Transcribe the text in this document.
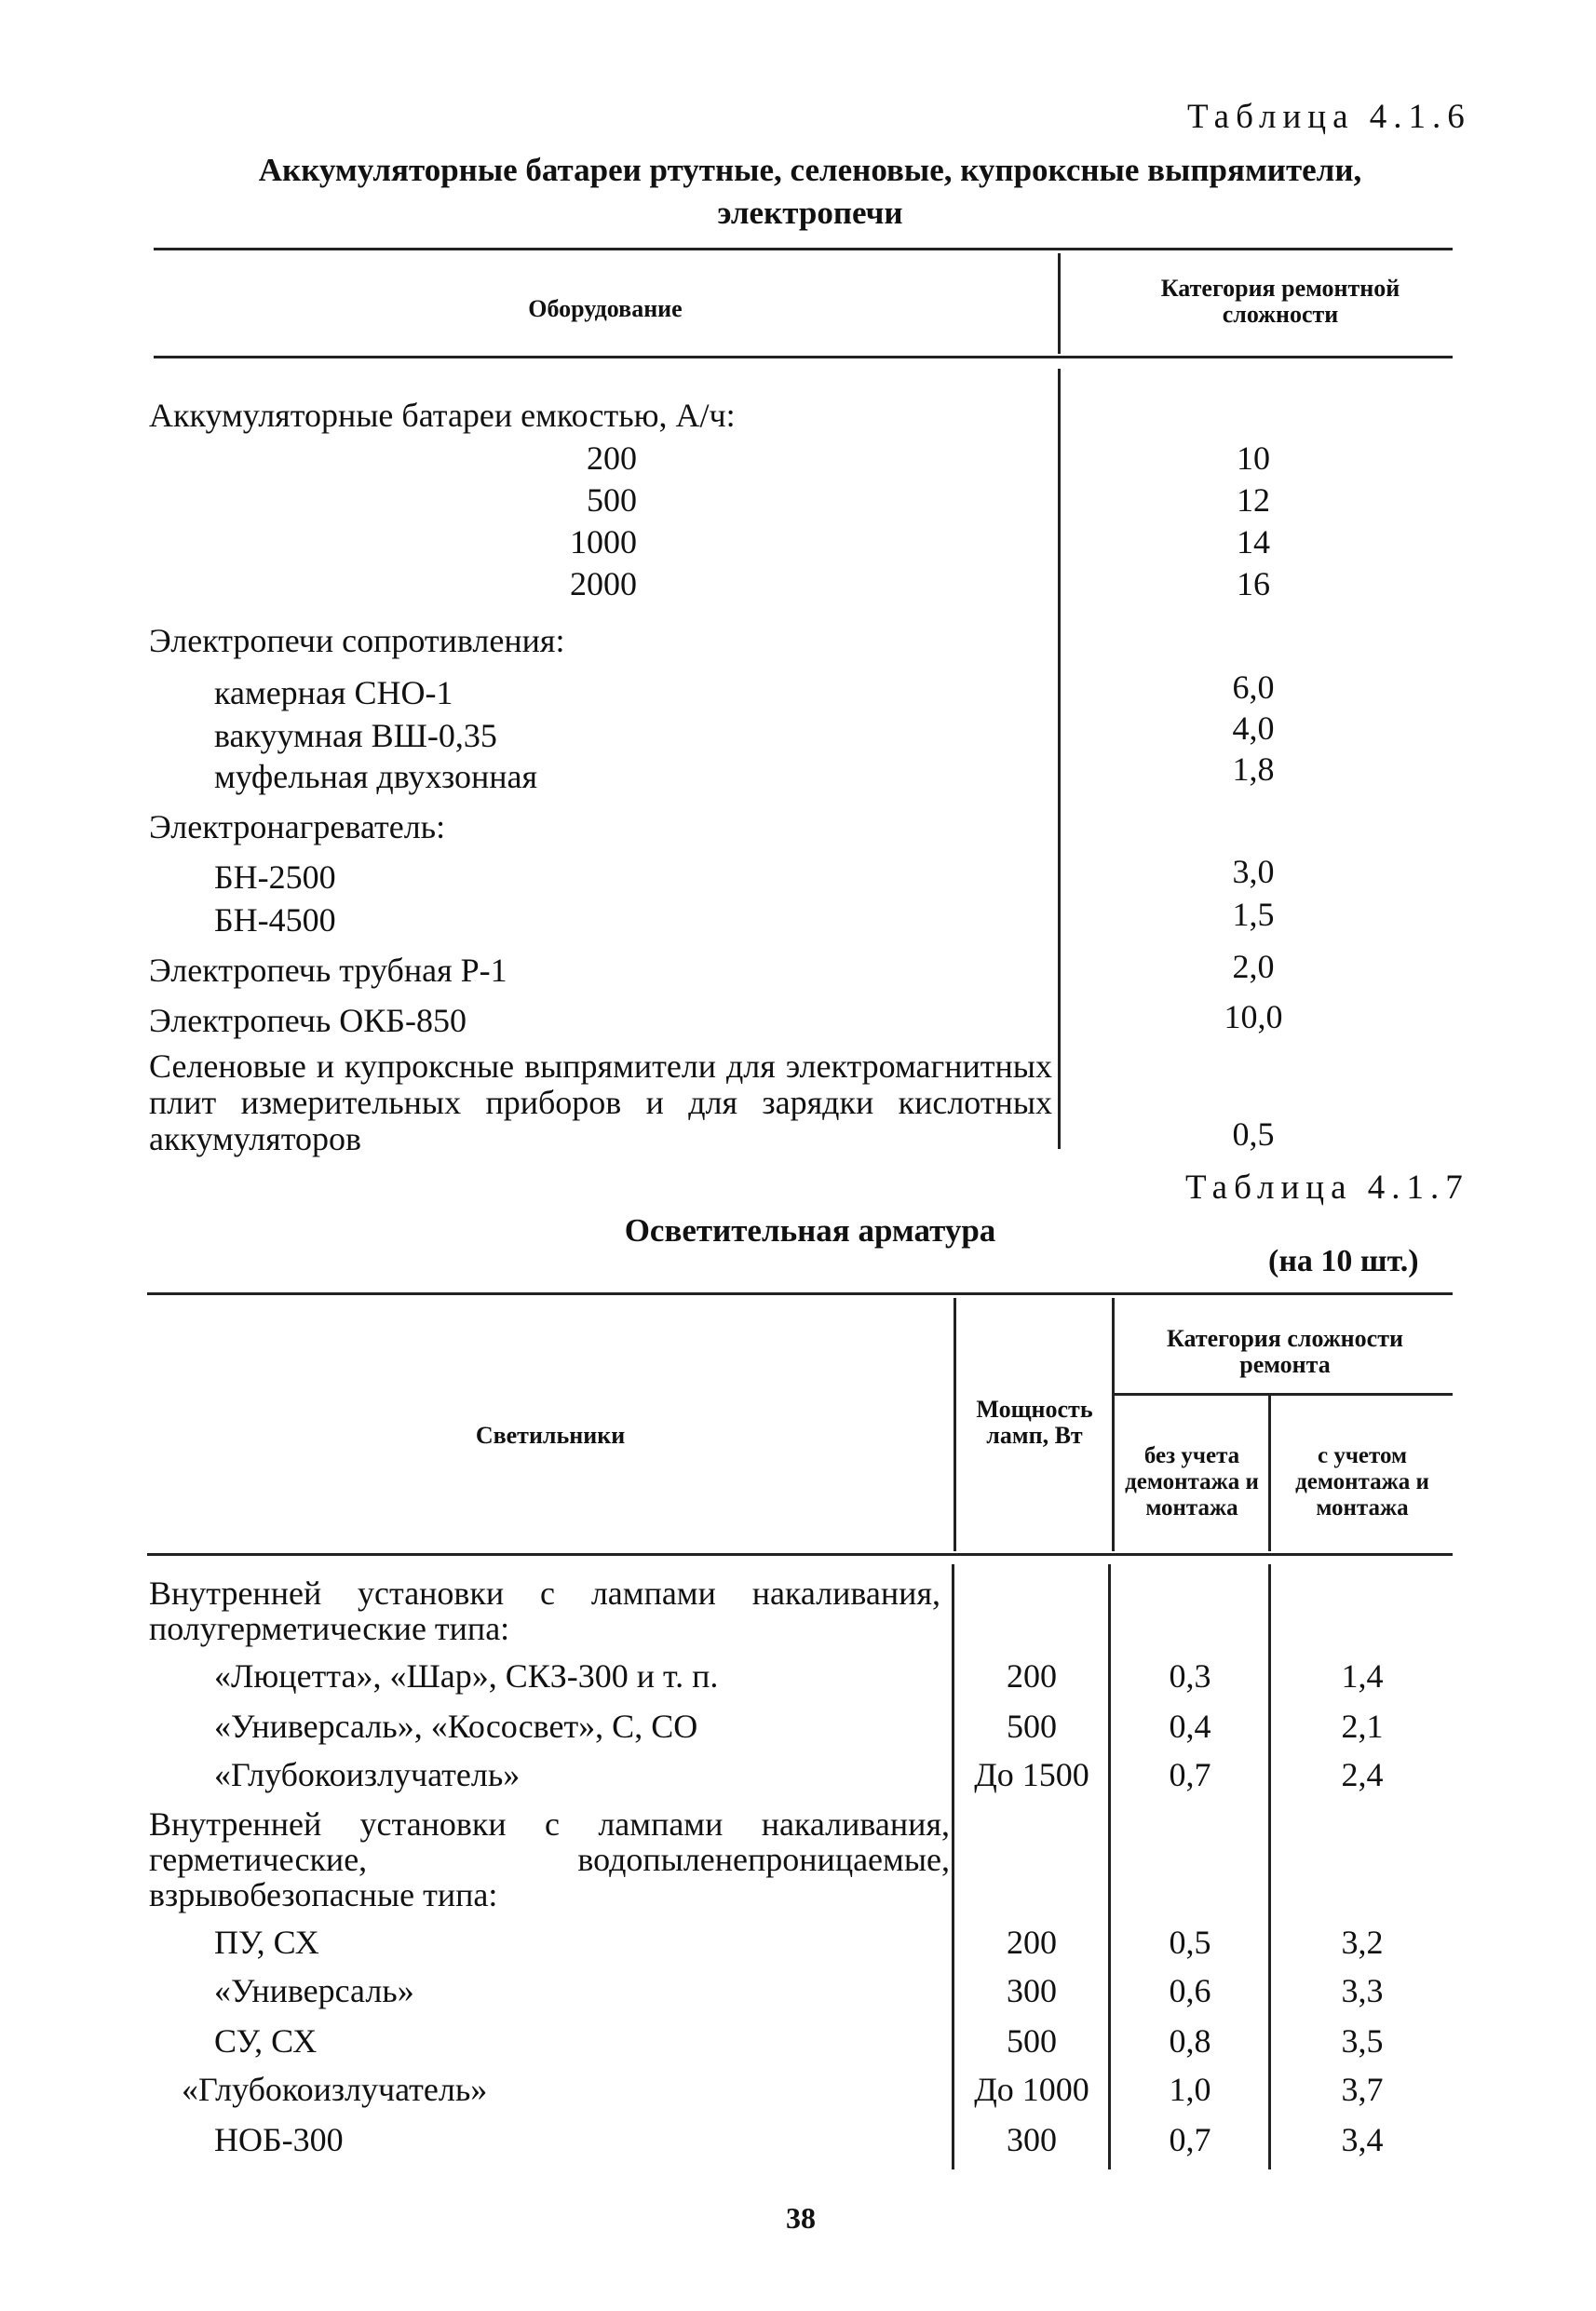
Таблица 4.1.6
Аккумуляторные батареи ртутные, селеновые, купроксные выпрямители,
электропечи
Оборудование
Категория ремонтной сложности
Аккумуляторные батареи емкостью, А/ч:
200	10
500	12
1000	14
2000	16
Электропечи сопротивления:
камерная СНО-1	6,0
вакуумная ВШ-0,35	4,0
муфельная двухзонная	1,8
Электронагреватель:
БН-2500	3,0
БН-4500	1,5
Электропечь трубная Р-1	2,0
Электропечь ОКБ-850	10,0
Селеновые и купроксные выпрямители для электромагнитных плит измерительных приборов и для зарядки кислотных аккумуляторов	0,5
Таблица 4.1.7
Осветительная арматура
(на 10 шт.)
Светильники
Мощность ламп, Вт
Категория сложности ремонта
без учета демонтажа и монтажа
с учетом демонтажа и монтажа
Внутренней установки с лампами накаливания, полугерметические типа:
«Люцетта», «Шар», СКЗ-300 и т. п.	200	0,3	1,4
«Универсаль», «Кососвет», С, СО	500	0,4	2,1
«Глубокоизлучатель»	До 1500	0,7	2,4
Внутренней установки с лампами накаливания, герметические, водопыленепроницаемые, взрывобезопасные типа:
ПУ, СХ	200	0,5	3,2
«Универсаль»	300	0,6	3,3
СУ, СХ	500	0,8	3,5
«Глубокоизлучатель»	До 1000	1,0	3,7
НОБ-300	300	0,7	3,4
38
